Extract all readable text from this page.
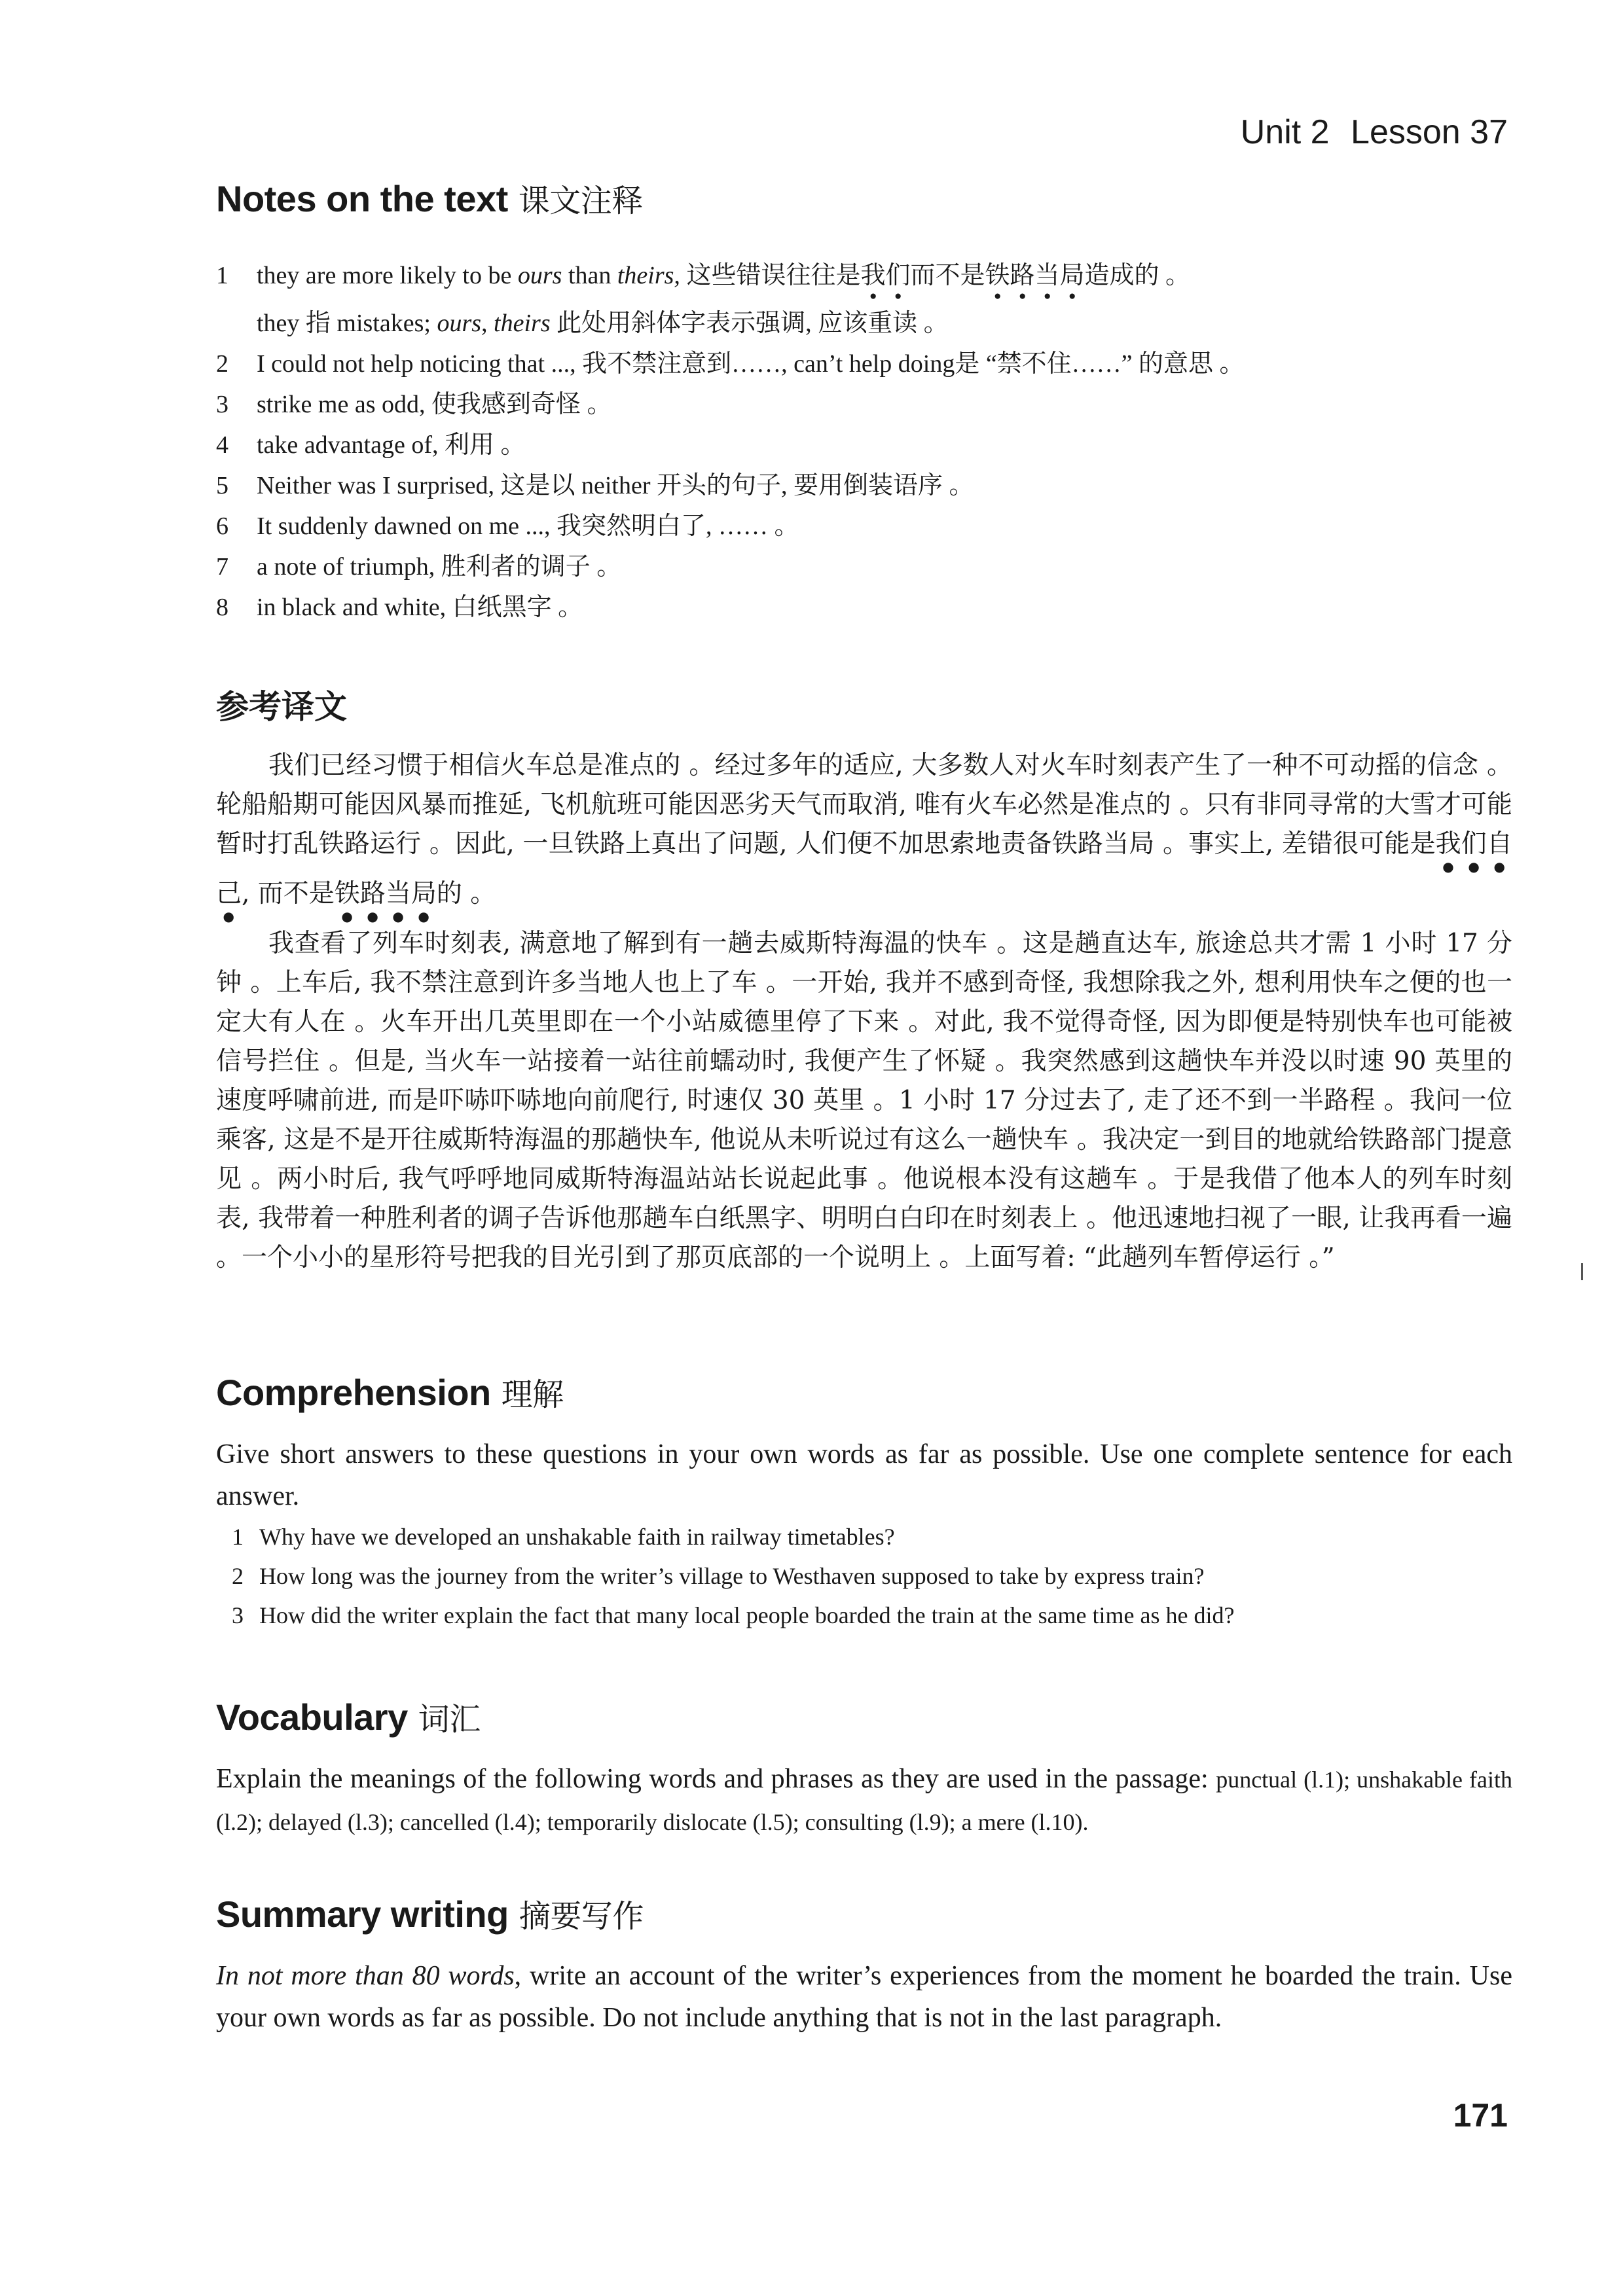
Unit 2 Lesson 37
Notes on the text 课文注释
1	they are more likely to be ours than theirs, 这些错误往往是我们而不是铁路当局造成的 。
they 指 mistakes; ours, theirs 此处用斜体字表示强调, 应该重读 。
2	I could not help noticing that ..., 我不禁注意到……, can’t help doing是 “禁不住……” 的意思 。
3	strike me as odd, 使我感到奇怪 。
4	take advantage of, 利用 。
5	Neither was I surprised, 这是以 neither 开头的句子, 要用倒装语序 。
6	It suddenly dawned on me ..., 我突然明白了, …… 。
7	a note of triumph, 胜利者的调子 。
8	in black and white, 白纸黑字 。
参考译文

我们已经习惯于相信火车总是准点的 。经过多年的适应, 大多数人对火车时刻表产生了一种不可动摇的信念 。轮船船期可能因风暴而推延, 飞机航班可能因恶劣天气而取消, 唯有火车必然是准点的 。只有非同寻常的大雪才可能暂时打乱铁路运行 。因此, 一旦铁路上真出了问题, 人们便不加思索地责备铁路当局 。事实上, 差错很可能是我们自己, 而不是铁路当局的 。

我查看了列车时刻表, 满意地了解到有一趟去威斯特海温的快车 。这是趟直达车, 旅途总共才需 1 小时 17 分钟 。上车后, 我不禁注意到许多当地人也上了车 。一开始, 我并不感到奇怪, 我想除我之外, 想利用快车之便的也一定大有人在 。火车开出几英里即在一个小站威德里停了下来 。对此, 我不觉得奇怪, 因为即便是特别快车也可能被信号拦住 。但是, 当火车一站接着一站往前蠕动时, 我便产生了怀疑 。我突然感到这趟快车并没以时速 90 英里的速度呼啸前进, 而是吓哧吓哧地向前爬行, 时速仅 30 英里 。1 小时 17 分过去了, 走了还不到一半路程 。我问一位乘客, 这是不是开往威斯特海温的那趟快车, 他说从未听说过有这么一趟快车 。我决定一到目的地就给铁路部门提意见 。两小时后, 我气呼呼地同威斯特海温站站长说起此事 。他说根本没有这趟车 。于是我借了他本人的列车时刻表, 我带着一种胜利者的调子告诉他那趟车白纸黑字、明明白白印在时刻表上 。他迅速地扫视了一眼, 让我再看一遍 。一个小小的星形符号把我的目光引到了那页底部的一个说明上 。上面写着: “此趟列车暂停运行 。”

Comprehension 理解
Give short answers to these questions in your own words as far as possible. Use one complete sentence for each answer.
1 Why have we developed an unshakable faith in railway timetables?
2 How long was the journey from the writer’s village to Westhaven supposed to take by express train?
3 How did the writer explain the fact that many local people boarded the train at the same time as he did?
Vocabulary 词汇
Explain the meanings of the following words and phrases as they are used in the passage: punctual (l.1); unshakable faith (l.2); delayed (l.3); cancelled (l.4); temporarily dislocate (l.5); consulting (l.9); a mere (l.10).
Summary writing 摘要写作
In not more than 80 words, write an account of the writer’s experiences from the moment he boarded the train. Use your own words as far as possible. Do not include anything that is not in the last paragraph.
171
